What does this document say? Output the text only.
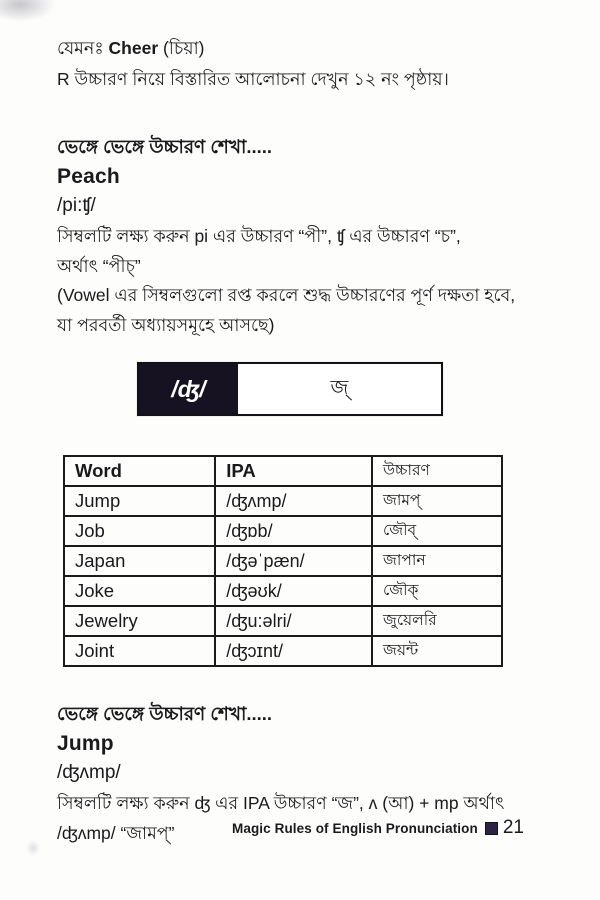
যেমনঃ Cheer (চিয়া)
R উচ্চারণ নিয়ে বিস্তারিত আলোচনা দেখুন ১২ নং পৃষ্ঠায়।
ভেঙ্গে ভেঙ্গে উচ্চারণ শেখা.....
Peach
/pi:ʧ/
সিম্বলটি লক্ষ্য করুন pi এর উচ্চারণ “পী”, ʧ এর উচ্চারণ “চ”,
অর্থাৎ “পীচ্”
(Vowel এর সিম্বলগুলো রপ্ত করলে শুদ্ধ উচ্চারণের পূর্ণ দক্ষতা হবে,
যা পরবর্তী অধ্যায়সমূহে আসছে)
/ʤ/	জ্
Word	IPA	উচ্চারণ
Jump	/ʤʌmp/	জামপ্
Job	/ʤɒb/	জৌব্
Japan	/ʤəˈpæn/	জাপান
Joke	/ʤəʊk/	জৌক্
Jewelry	/ʤu:əlri/	জুয়েলরি
Joint	/ʤɔɪnt/	জয়ন্ট
ভেঙ্গে ভেঙ্গে উচ্চারণ শেখা.....
Jump
/ʤʌmp/
সিম্বলটি লক্ষ্য করুন ʤ এর IPA উচ্চারণ “জ”, ʌ (আ) + mp অর্থাৎ
/ʤʌmp/ “জামপ্”	Magic Rules of English Pronunciation 21
